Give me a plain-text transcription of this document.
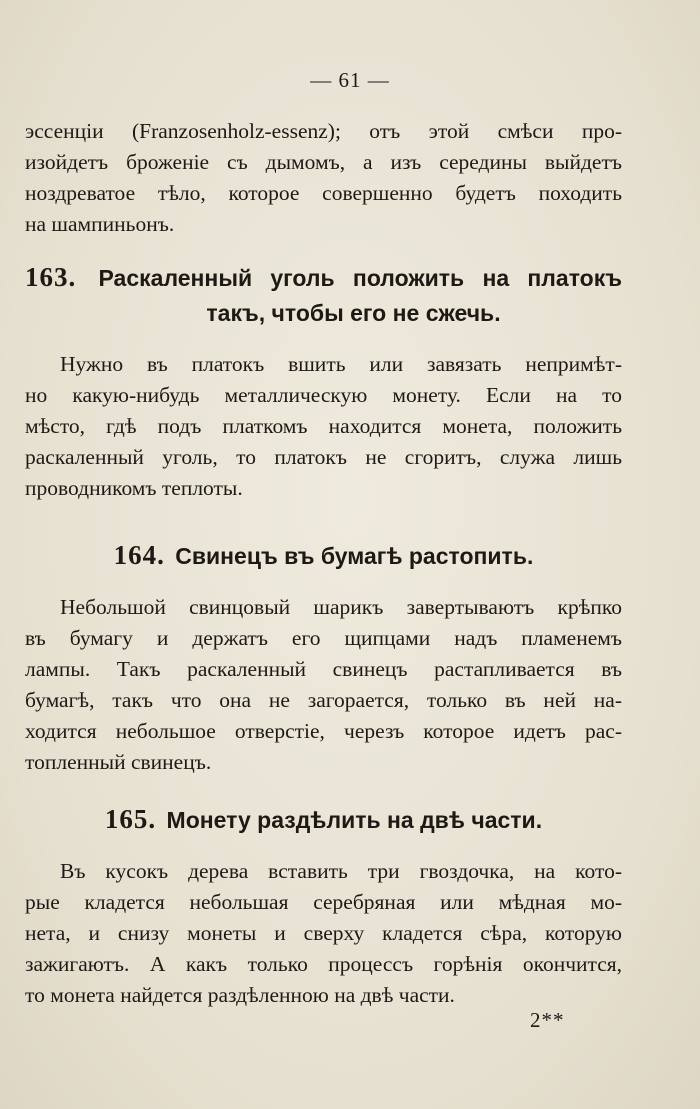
— 61 —
эссенціи (Franzosenholz-essenz); отъ этой смѣси про-
изойдетъ броженіе съ дымомъ, а изъ середины выйдетъ
ноздреватое тѣло, которое совершенно будетъ походить
на шампиньонъ.
163. Раскаленный уголь положить на платокъ
такъ, чтобы его не сжечь.
Нужно въ платокъ вшить или завязать непримѣт-
но какую-нибудь металлическую монету. Если на то
мѣсто, гдѣ подъ платкомъ находится монета, положить
раскаленный уголь, то платокъ не сгоритъ, служа лишь
проводникомъ теплоты.
164. Свинецъ въ бумагѣ растопить.
Небольшой свинцовый шарикъ завертываютъ крѣпко
въ бумагу и держатъ его щипцами надъ пламенемъ
лампы. Такъ раскаленный свинецъ растапливается въ
бумагѣ, такъ что она не загорается, только въ ней на-
ходится небольшое отверстіе, черезъ которое идетъ рас-
топленный свинецъ.
165. Монету раздѣлить на двѣ части.
Въ кусокъ дерева вставить три гвоздочка, на кото-
рые кладется небольшая серебряная или мѣдная мо-
нета, и снизу монеты и сверху кладется сѣра, которую
зажигаютъ. А какъ только процессъ горѣнія окончится,
то монета найдется раздѣленною на двѣ части.
2**
